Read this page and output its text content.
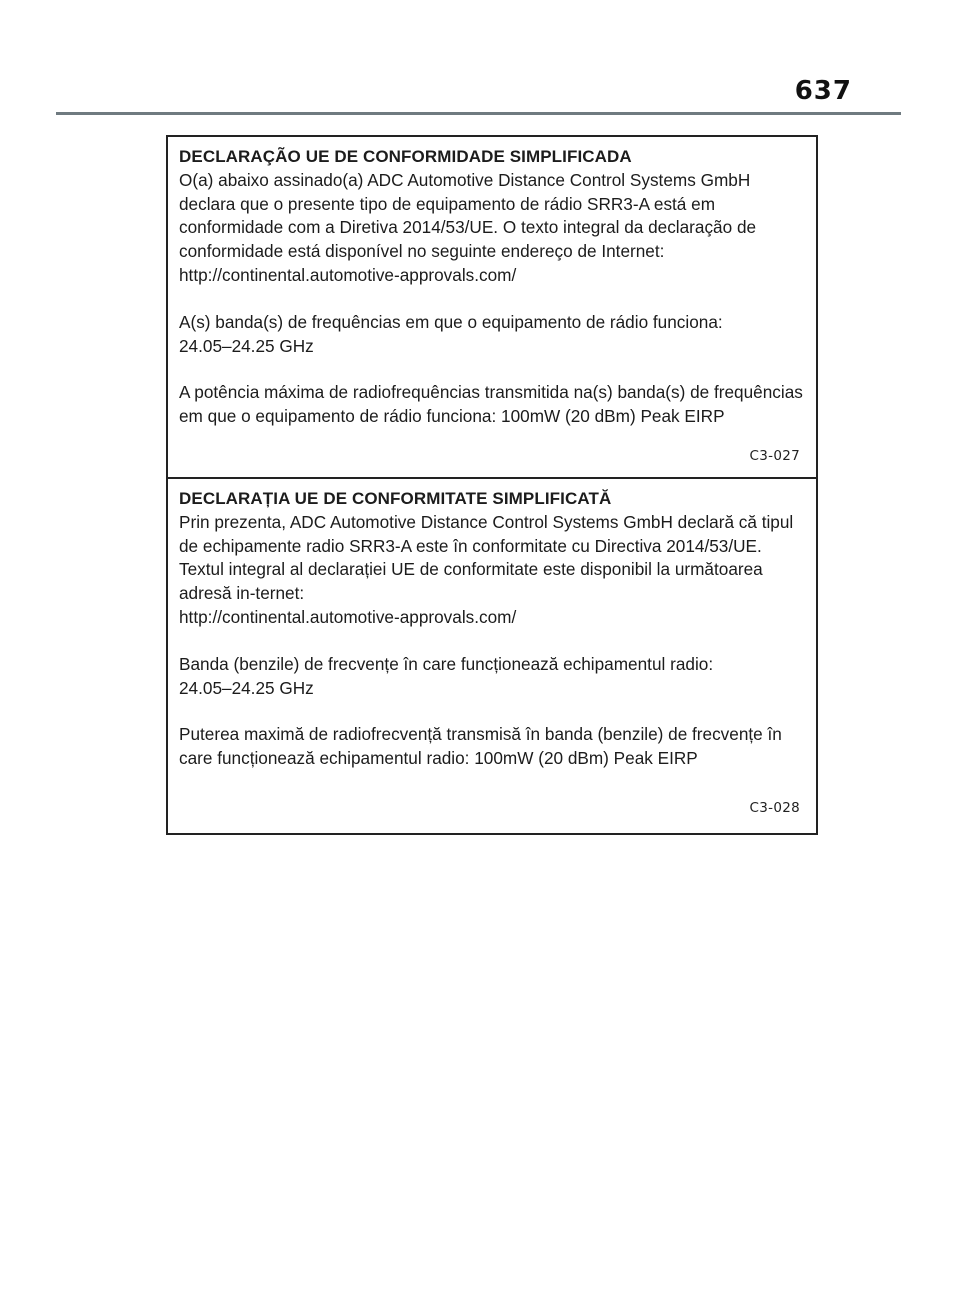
637

DECLARAÇÃO UE DE CONFORMIDADE SIMPLIFICADA

O(a) abaixo assinado(a) ADC Automotive Distance Control Systems GmbH declara que o presente tipo de equipamento de rádio SRR3-A está em conformidade com a Diretiva 2014/53/UE. O texto integral da declaração de conformidade está disponível no seguinte endereço de Internet:
http://continental.automotive-approvals.com/

A(s) banda(s) de frequências em que o equipamento de rádio funciona:
24.05–24.25 GHz

A potência máxima de radiofrequências transmitida na(s) banda(s) de frequências em que o equipamento de rádio funciona: 100mW (20 dBm) Peak EIRP

C3-027

DECLARAȚIA UE DE CONFORMITATE SIMPLIFICATĂ

Prin prezenta, ADC Automotive Distance Control Systems GmbH declară că tipul de echipamente radio SRR3-A este în conformitate cu Directiva 2014/53/UE. Textul integral al declarației UE de conformitate este disponibil la următoarea adresă in-ternet:
http://continental.automotive-approvals.com/

Banda (benzile) de frecvențe în care funcționează echipamentul radio:
24.05–24.25 GHz

Puterea maximă de radiofrecvență transmisă în banda (benzile) de frecvențe în care funcționează echipamentul radio: 100mW (20 dBm) Peak EIRP

C3-028
